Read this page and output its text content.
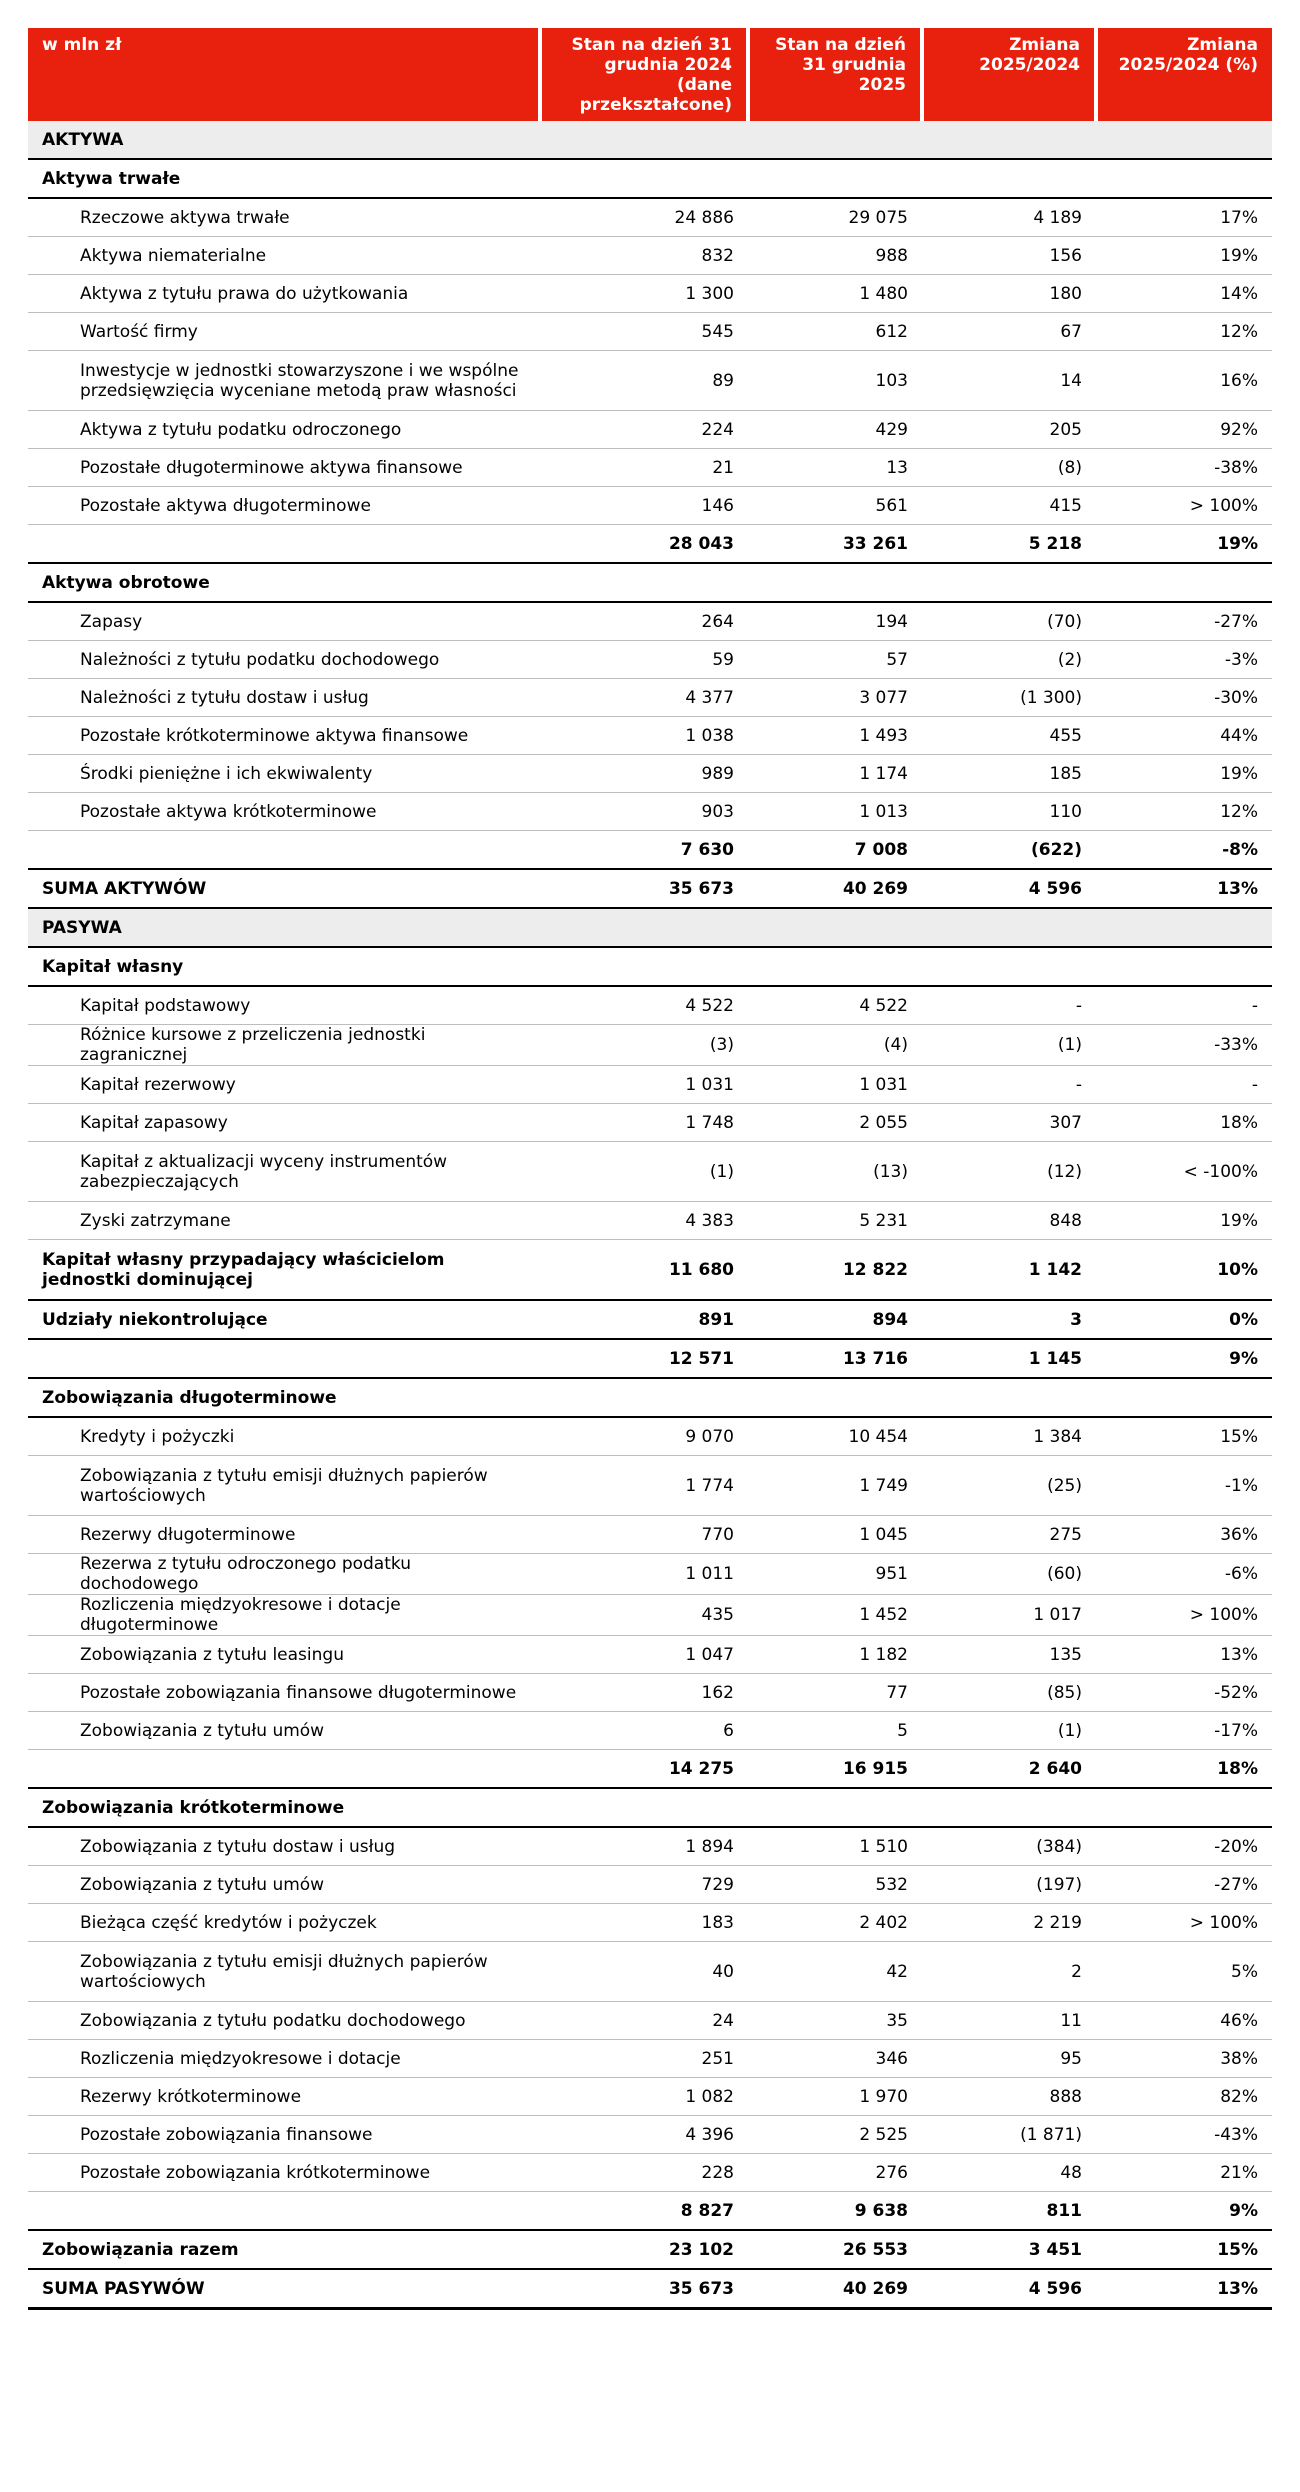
w mln zł	Stan na dzień 31 grudnia 2024 (dane przekształcone)	Stan na dzień 31 grudnia 2025	Zmiana 2025/2024	Zmiana 2025/2024 (%)
AKTYWA				
Aktywa trwałe				
Rzeczowe aktywa trwałe	24 886	29 075	4 189	17%
Aktywa niematerialne	832	988	156	19%
Aktywa z tytułu prawa do użytkowania	1 300	1 480	180	14%
Wartość firmy	545	612	67	12%
Inwestycje w jednostki stowarzyszone i we wspólne przedsięwzięcia wyceniane metodą praw własności	89	103	14	16%
Aktywa z tytułu podatku odroczonego	224	429	205	92%
Pozostałe długoterminowe aktywa finansowe	21	13	(8)	-38%
Pozostałe aktywa długoterminowe	146	561	415	> 100%
	28 043	33 261	5 218	19%
Aktywa obrotowe				
Zapasy	264	194	(70)	-27%
Należności z tytułu podatku dochodowego	59	57	(2)	-3%
Należności z tytułu dostaw i usług	4 377	3 077	(1 300)	-30%
Pozostałe krótkoterminowe aktywa finansowe	1 038	1 493	455	44%
Środki pieniężne i ich ekwiwalenty	989	1 174	185	19%
Pozostałe aktywa krótkoterminowe	903	1 013	110	12%
	7 630	7 008	(622)	-8%
SUMA AKTYWÓW	35 673	40 269	4 596	13%
PASYWA				
Kapitał własny				
Kapitał podstawowy	4 522	4 522	-	-
Różnice kursowe z przeliczenia jednostki zagranicznej	(3)	(4)	(1)	-33%
Kapitał rezerwowy	1 031	1 031	-	-
Kapitał zapasowy	1 748	2 055	307	18%
Kapitał z aktualizacji wyceny instrumentów zabezpieczających	(1)	(13)	(12)	< -100%
Zyski zatrzymane	4 383	5 231	848	19%
Kapitał własny przypadający właścicielom jednostki dominującej	11 680	12 822	1 142	10%
Udziały niekontrolujące	891	894	3	0%
	12 571	13 716	1 145	9%
Zobowiązania długoterminowe				
Kredyty i pożyczki	9 070	10 454	1 384	15%
Zobowiązania z tytułu emisji dłużnych papierów wartościowych	1 774	1 749	(25)	-1%
Rezerwy długoterminowe	770	1 045	275	36%
Rezerwa z tytułu odroczonego podatku dochodowego	1 011	951	(60)	-6%
Rozliczenia międzyokresowe i dotacje długoterminowe	435	1 452	1 017	> 100%
Zobowiązania z tytułu leasingu	1 047	1 182	135	13%
Pozostałe zobowiązania finansowe długoterminowe	162	77	(85)	-52%
Zobowiązania z tytułu umów	6	5	(1)	-17%
	14 275	16 915	2 640	18%
Zobowiązania krótkoterminowe				
Zobowiązania z tytułu dostaw i usług	1 894	1 510	(384)	-20%
Zobowiązania z tytułu umów	729	532	(197)	-27%
Bieżąca część kredytów i pożyczek	183	2 402	2 219	> 100%
Zobowiązania z tytułu emisji dłużnych papierów wartościowych	40	42	2	5%
Zobowiązania z tytułu podatku dochodowego	24	35	11	46%
Rozliczenia międzyokresowe i dotacje	251	346	95	38%
Rezerwy krótkoterminowe	1 082	1 970	888	82%
Pozostałe zobowiązania finansowe	4 396	2 525	(1 871)	-43%
Pozostałe zobowiązania krótkoterminowe	228	276	48	21%
	8 827	9 638	811	9%
Zobowiązania razem	23 102	26 553	3 451	15%
SUMA PASYWÓW	35 673	40 269	4 596	13%
